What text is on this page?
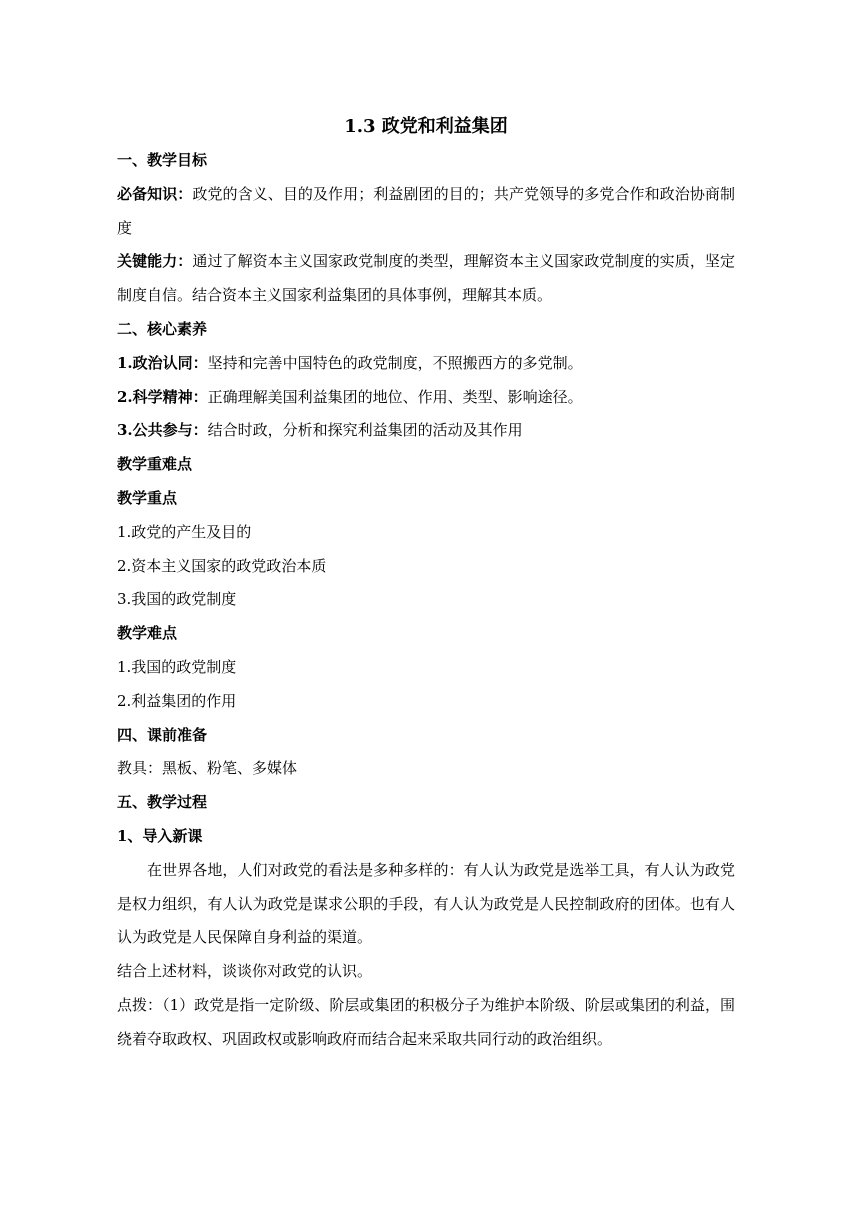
1.3 政党和利益集团
一、教学目标
必备知识：政党的含义、目的及作用；利益剧团的目的；共产党领导的多党合作和政治协商制度
关键能力：通过了解资本主义国家政党制度的类型，理解资本主义国家政党制度的实质，坚定制度自信。结合资本主义国家利益集团的具体事例，理解其本质。
二、核心素养
1.政治认同：坚持和完善中国特色的政党制度，不照搬西方的多党制。
2.科学精神：正确理解美国利益集团的地位、作用、类型、影响途径。
3.公共参与：结合时政，分析和探究利益集团的活动及其作用
教学重难点
教学重点
1.政党的产生及目的
2.资本主义国家的政党政治本质
3.我国的政党制度
教学难点
1.我国的政党制度
2.利益集团的作用
四、课前准备
教具：黑板、粉笔、多媒体
五、教学过程
1、导入新课
在世界各地，人们对政党的看法是多种多样的：有人认为政党是选举工具，有人认为政党是权力组织，有人认为政党是谋求公职的手段，有人认为政党是人民控制政府的团体。也有人认为政党是人民保障自身利益的渠道。
结合上述材料，谈谈你对政党的认识。
点拨：（1）政党是指一定阶级、阶层或集团的积极分子为维护本阶级、阶层或集团的利益，围绕着夺取政权、巩固政权或影响政府而结合起来采取共同行动的政治组织。
